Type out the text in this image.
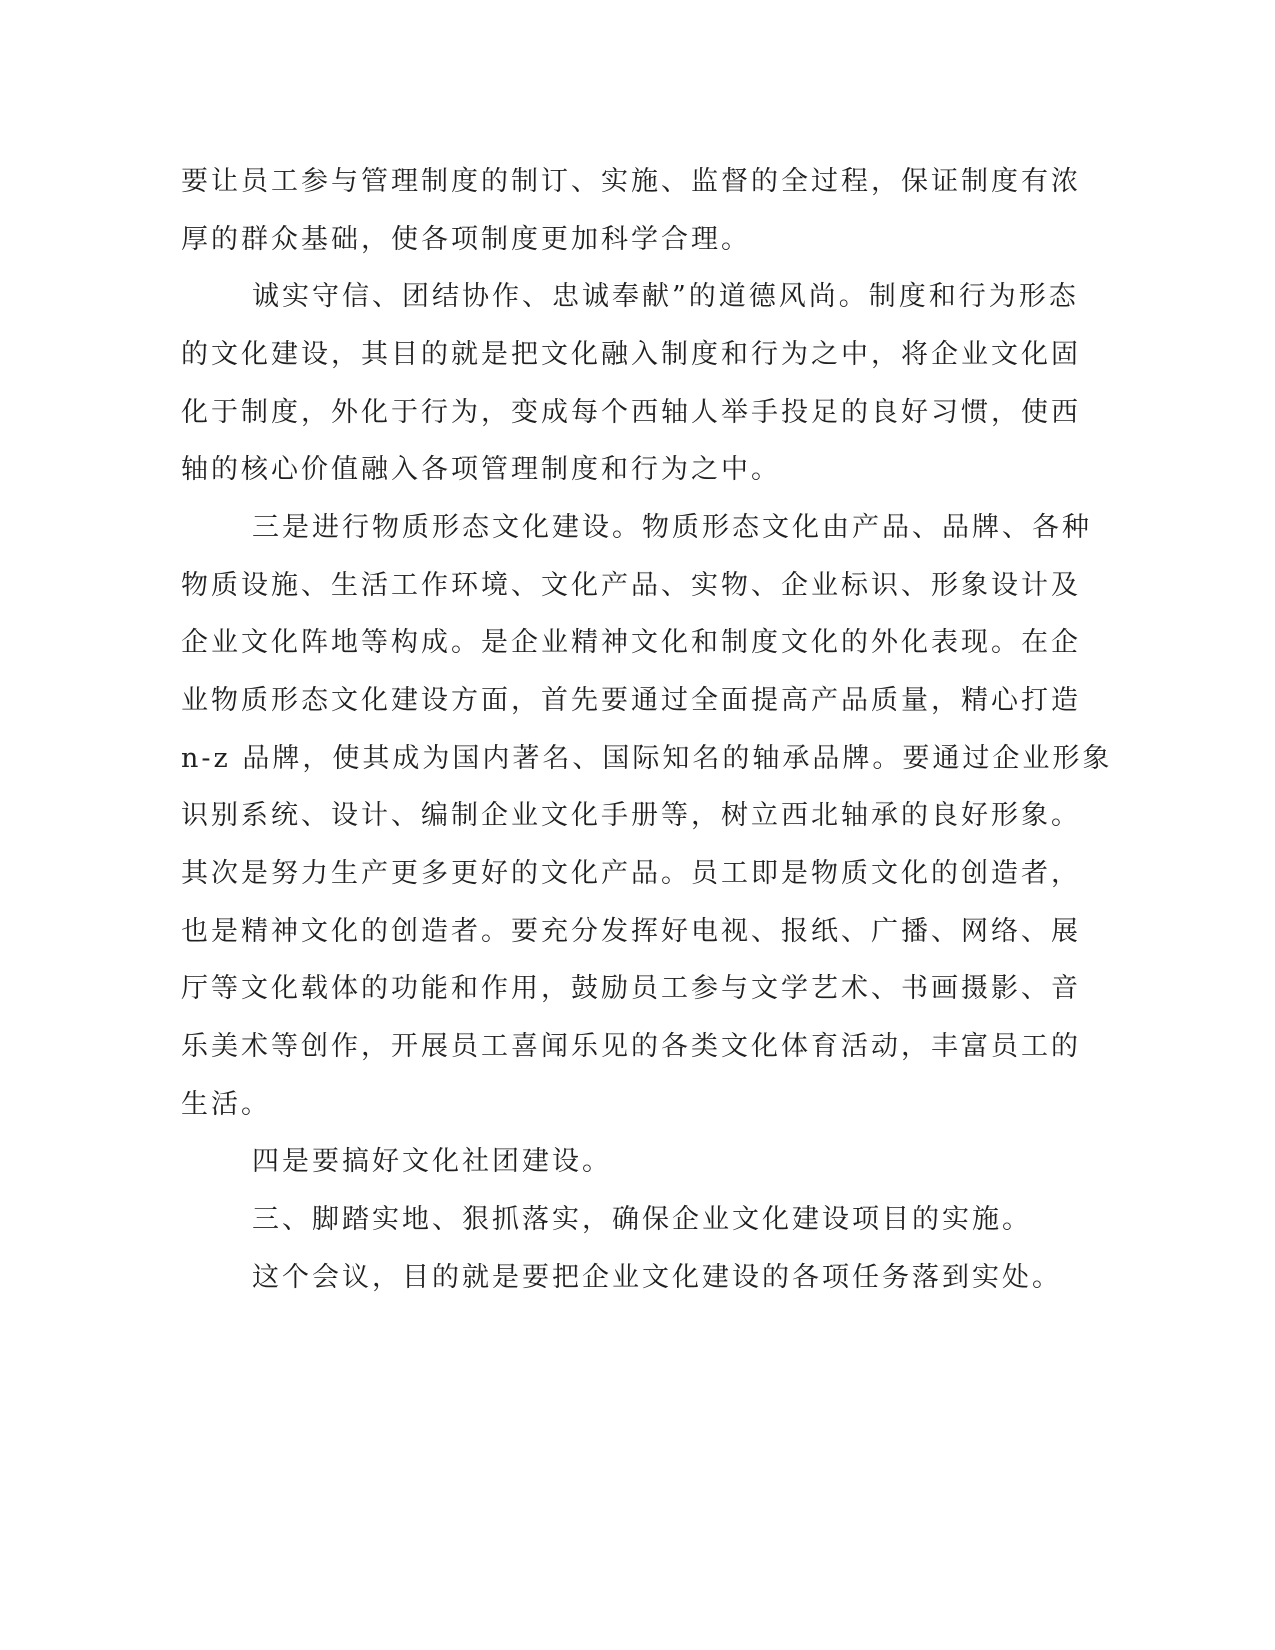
要让员工参与管理制度的制订、实施、监督的全过程，保证制度有浓
厚的群众基础，使各项制度更加科学合理。
诚实守信、团结协作、忠诚奉献”的道德风尚。制度和行为形态
的文化建设，其目的就是把文化融入制度和行为之中，将企业文化固
化于制度，外化于行为，变成每个西轴人举手投足的良好习惯，使西
轴的核心价值融入各项管理制度和行为之中。
三是进行物质形态文化建设。物质形态文化由产品、品牌、各种
物质设施、生活工作环境、文化产品、实物、企业标识、形象设计及
企业文化阵地等构成。是企业精神文化和制度文化的外化表现。在企
业物质形态文化建设方面，首先要通过全面提高产品质量，精心打造
n-z 品牌，使其成为国内著名、国际知名的轴承品牌。要通过企业形象
识别系统、设计、编制企业文化手册等，树立西北轴承的良好形象。
其次是努力生产更多更好的文化产品。员工即是物质文化的创造者，
也是精神文化的创造者。要充分发挥好电视、报纸、广播、网络、展
厅等文化载体的功能和作用，鼓励员工参与文学艺术、书画摄影、音
乐美术等创作，开展员工喜闻乐见的各类文化体育活动，丰富员工的
生活。
四是要搞好文化社团建设。
三、脚踏实地、狠抓落实，确保企业文化建设项目的实施。
这个会议，目的就是要把企业文化建设的各项任务落到实处。
